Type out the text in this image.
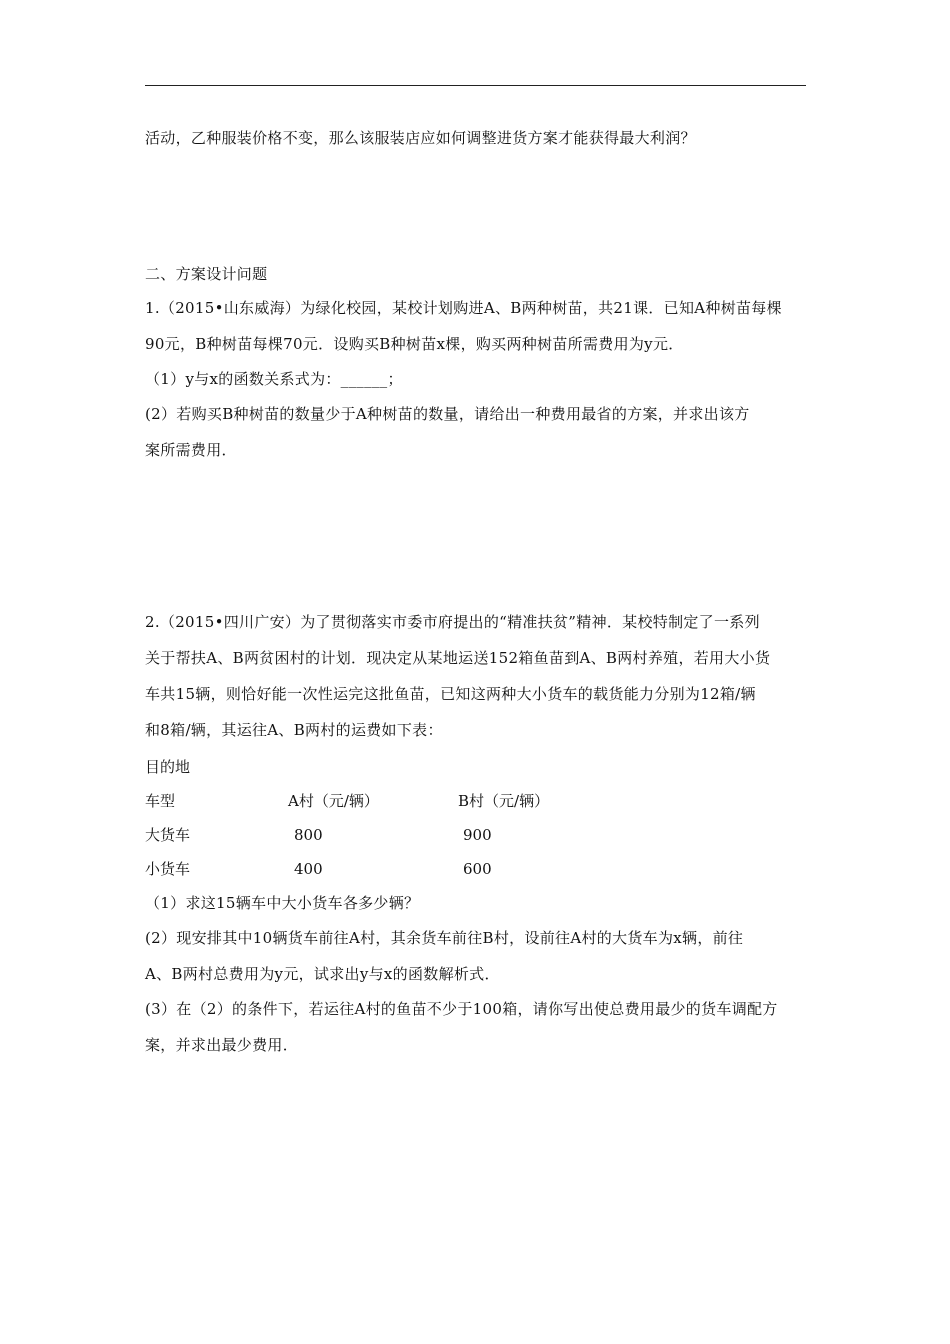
活动，乙种服装价格不变，那么该服装店应如何调整进货方案才能获得最大利润？
二、方案设计问题
1.（2015•山东威海）为绿化校园，某校计划购进A、B两种树苗，共21课．已知A种树苗每棵
90元，B种树苗每棵70元．设购买B种树苗x棵，购买两种树苗所需费用为y元．
（1）y与x的函数关系式为：______；
(2）若购买B种树苗的数量少于A种树苗的数量，请给出一种费用最省的方案，并求出该方
案所需费用．
2.（2015•四川广安）为了贯彻落实市委市府提出的“精准扶贫”精神．某校特制定了一系列
关于帮扶A、B两贫困村的计划．现决定从某地运送152箱鱼苗到A、B两村养殖，若用大小货
车共15辆，则恰好能一次性运完这批鱼苗，已知这两种大小货车的载货能力分别为12箱/辆
和8箱/辆，其运往A、B两村的运费如下表：
目的地
车型	A村（元/辆）	B村（元/辆）
大货车	800	900
小货车	400	600
（1）求这15辆车中大小货车各多少辆？
(2）现安排其中10辆货车前往A村，其余货车前往B村，设前往A村的大货车为x辆，前往
A、B两村总费用为y元，试求出y与x的函数解析式．
(3）在（2）的条件下，若运往A村的鱼苗不少于100箱，请你写出使总费用最少的货车调配方
案，并求出最少费用．
